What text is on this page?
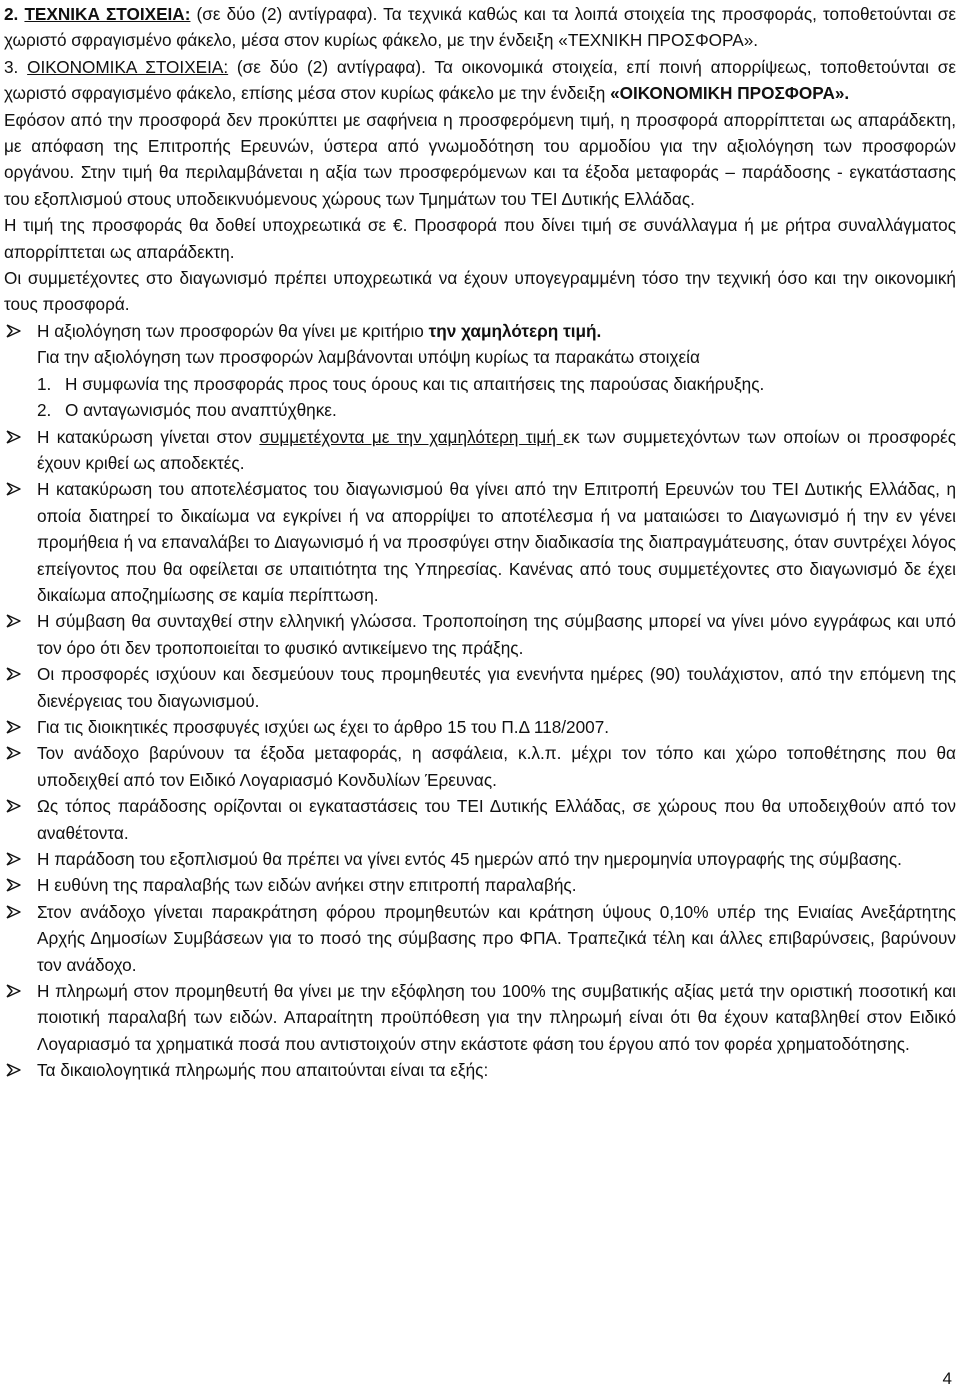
2. ΤΕΧΝΙΚΑ ΣΤΟΙΧΕΙΑ: (σε δύο (2) αντίγραφα). Τα τεχνικά καθώς και τα λοιπά στοιχεία της προσφοράς, τοποθετούνται σε χωριστό σφραγισμένο φάκελο, μέσα στον κυρίως φάκελο, με την ένδειξη «ΤΕΧΝΙΚΗ ΠΡΟΣΦΟΡΑ».

3. ΟΙΚΟΝΟΜΙΚΑ ΣΤΟΙΧΕΙΑ: (σε δύο (2) αντίγραφα). Τα οικονομικά στοιχεία, επί ποινή απορρίψεως, τοποθετούνται σε χωριστό σφραγισμένο φάκελο, επίσης μέσα στον κυρίως φάκελο με την ένδειξη «ΟΙΚΟΝΟΜΙΚΗ ΠΡΟΣΦΟΡΑ».

Εφόσον από την προσφορά δεν προκύπτει με σαφήνεια η προσφερόμενη τιμή, η προσφορά απορρίπτεται ως απαράδεκτη, με απόφαση της Επιτροπής Ερευνών, ύστερα από γνωμοδότηση του αρμοδίου για την αξιολόγηση των προσφορών οργάνου. Στην τιμή θα περιλαμβάνεται η αξία των προσφερόμενων και τα έξοδα μεταφοράς – παράδοσης - εγκατάστασης του εξοπλισμού στους υποδεικνυόμενους χώρους των Τμημάτων του ΤΕΙ Δυτικής Ελλάδας.

Η τιμή της προσφοράς θα δοθεί υποχρεωτικά σε €. Προσφορά που δίνει τιμή σε συνάλλαγμα ή με ρήτρα συναλλάγματος απορρίπτεται ως απαράδεκτη.

Οι συμμετέχοντες στο διαγωνισμό πρέπει υποχρεωτικά να έχουν υπογεγραμμένη τόσο την τεχνική όσο και την οικονομική τους προσφορά.

Η αξιολόγηση των προσφορών θα γίνει με κριτήριο την χαμηλότερη τιμή.
Για την αξιολόγηση των προσφορών λαμβάνονται υπόψη κυρίως τα παρακάτω στοιχεία
1. Η συμφωνία της προσφοράς προς τους όρους και τις απαιτήσεις της παρούσας διακήρυξης.
2. Ο ανταγωνισμός που αναπτύχθηκε.
Η κατακύρωση γίνεται στον συμμετέχοντα με την χαμηλότερη τιμή εκ των συμμετεχόντων των οποίων οι προσφορές έχουν κριθεί ως αποδεκτές.
Η κατακύρωση του αποτελέσματος του διαγωνισμού θα γίνει από την Επιτροπή Ερευνών του ΤΕΙ Δυτικής Ελλάδας, η οποία διατηρεί το δικαίωμα να εγκρίνει ή να απορρίψει το αποτέλεσμα ή να ματαιώσει το Διαγωνισμό ή την εν γένει προμήθεια ή να επαναλάβει το Διαγωνισμό ή να προσφύγει στην διαδικασία της διαπραγμάτευσης, όταν συντρέχει λόγος επείγοντος που θα οφείλεται σε υπαιτιότητα της Υπηρεσίας. Κανένας από τους συμμετέχοντες στο διαγωνισμό δε έχει δικαίωμα αποζημίωσης σε καμία περίπτωση.
Η σύμβαση θα συνταχθεί στην ελληνική γλώσσα. Τροποποίηση της σύμβασης μπορεί να γίνει μόνο εγγράφως και υπό τον όρο ότι δεν τροποποιείται το φυσικό αντικείμενο της πράξης.
Οι προσφορές ισχύουν και δεσμεύουν τους προμηθευτές για ενενήντα ημέρες (90) τουλάχιστον, από την επόμενη της διενέργειας του διαγωνισμού.
Για τις διοικητικές προσφυγές ισχύει ως έχει το άρθρο 15 του Π.Δ 118/2007.
Τον ανάδοχο βαρύνουν τα έξοδα μεταφοράς, η ασφάλεια, κ.λ.π. μέχρι τον τόπο και χώρο τοποθέτησης που θα υποδειχθεί από τον Ειδικό Λογαριασμό Κονδυλίων Έρευνας.
Ως τόπος παράδοσης ορίζονται οι εγκαταστάσεις του ΤΕΙ Δυτικής Ελλάδας, σε χώρους που θα υποδειχθούν από τον αναθέτοντα.
Η παράδοση του εξοπλισμού θα πρέπει να γίνει εντός 45 ημερών από την ημερομηνία υπογραφής της σύμβασης.
Η ευθύνη της παραλαβής των ειδών ανήκει στην επιτροπή παραλαβής.
Στον ανάδοχο γίνεται παρακράτηση φόρου προμηθευτών και κράτηση ύψους 0,10% υπέρ της Ενιαίας Ανεξάρτητης Αρχής Δημοσίων Συμβάσεων για το ποσό της σύμβασης προ ΦΠΑ. Τραπεζικά τέλη και άλλες επιβαρύνσεις, βαρύνουν τον ανάδοχο.
Η πληρωμή στον προμηθευτή θα γίνει με την εξόφληση του 100% της συμβατικής αξίας μετά την οριστική ποσοτική και ποιοτική παραλαβή των ειδών. Απαραίτητη προϋπόθεση για την πληρωμή είναι ότι θα έχουν καταβληθεί στον Ειδικό Λογαριασμό τα χρηματικά ποσά που αντιστοιχούν στην εκάστοτε φάση του έργου από τον φορέα χρηματοδότησης.
Τα δικαιολογητικά πληρωμής που απαιτούνται είναι τα εξής:
4
